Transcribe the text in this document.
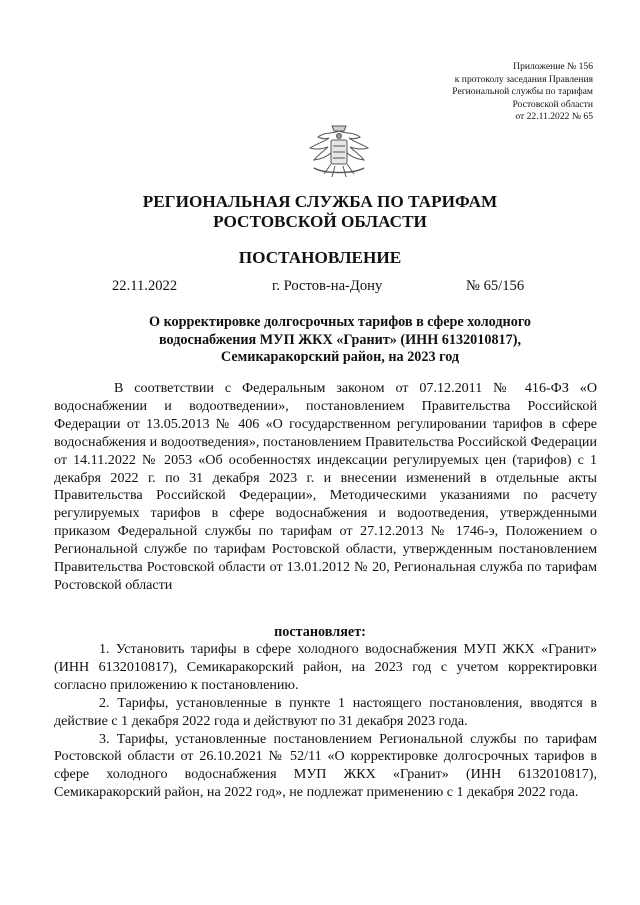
Приложение № 156
к протоколу заседания Правления
Региональной службы по тарифам
Ростовской области
от 22.11.2022 № 65
РЕГИОНАЛЬНАЯ СЛУЖБА ПО ТАРИФАМ
РОСТОВСКОЙ ОБЛАСТИ
ПОСТАНОВЛЕНИЕ
22.11.2022	г. Ростов-на-Дону	№ 65/156
О корректировке долгосрочных тарифов в сфере холодного
водоснабжения МУП ЖКХ «Гранит» (ИНН 6132010817),
Семикаракорский район, на 2023 год

В соответствии с Федеральным законом от 07.12.2011 № 416-ФЗ «О водоснабжении и водоотведении», постановлением Правительства Российской Федерации от 13.05.2013 № 406 «О государственном регулировании тарифов в сфере водоснабжения и водоотведения», постановлением Правительства Российской Федерации от 14.11.2022 № 2053 «Об особенностях индексации регулируемых цен (тарифов) с 1 декабря 2022 г. по 31 декабря 2023 г. и внесении изменений в отдельные акты Правительства Российской Федерации», Методическими указаниями по расчету регулируемых тарифов в сфере водоснабжения и водоотведения, утвержденными приказом Федеральной службы по тарифам от 27.12.2013 № 1746-э, Положением о Региональной службе по тарифам Ростовской области, утвержденным постановлением Правительства Ростовской области от 13.01.2012 № 20, Региональная служба по тарифам Ростовской области

постановляет:

1. Установить тарифы в сфере холодного водоснабжения МУП ЖКХ «Гранит» (ИНН 6132010817), Семикаракорский район, на 2023 год с учетом корректировки согласно приложению к постановлению.

2. Тарифы, установленные в пункте 1 настоящего постановления, вводятся в действие с 1 декабря 2022 года и действуют по 31 декабря 2023 года.

3. Тарифы, установленные постановлением Региональной службы по тарифам Ростовской области от 26.10.2021 № 52/11 «О корректировке долгосрочных тарифов в сфере холодного водоснабжения МУП ЖКХ «Гранит» (ИНН 6132010817), Семикаракорский район, на 2022 год», не подлежат применению с 1 декабря 2022 года.
